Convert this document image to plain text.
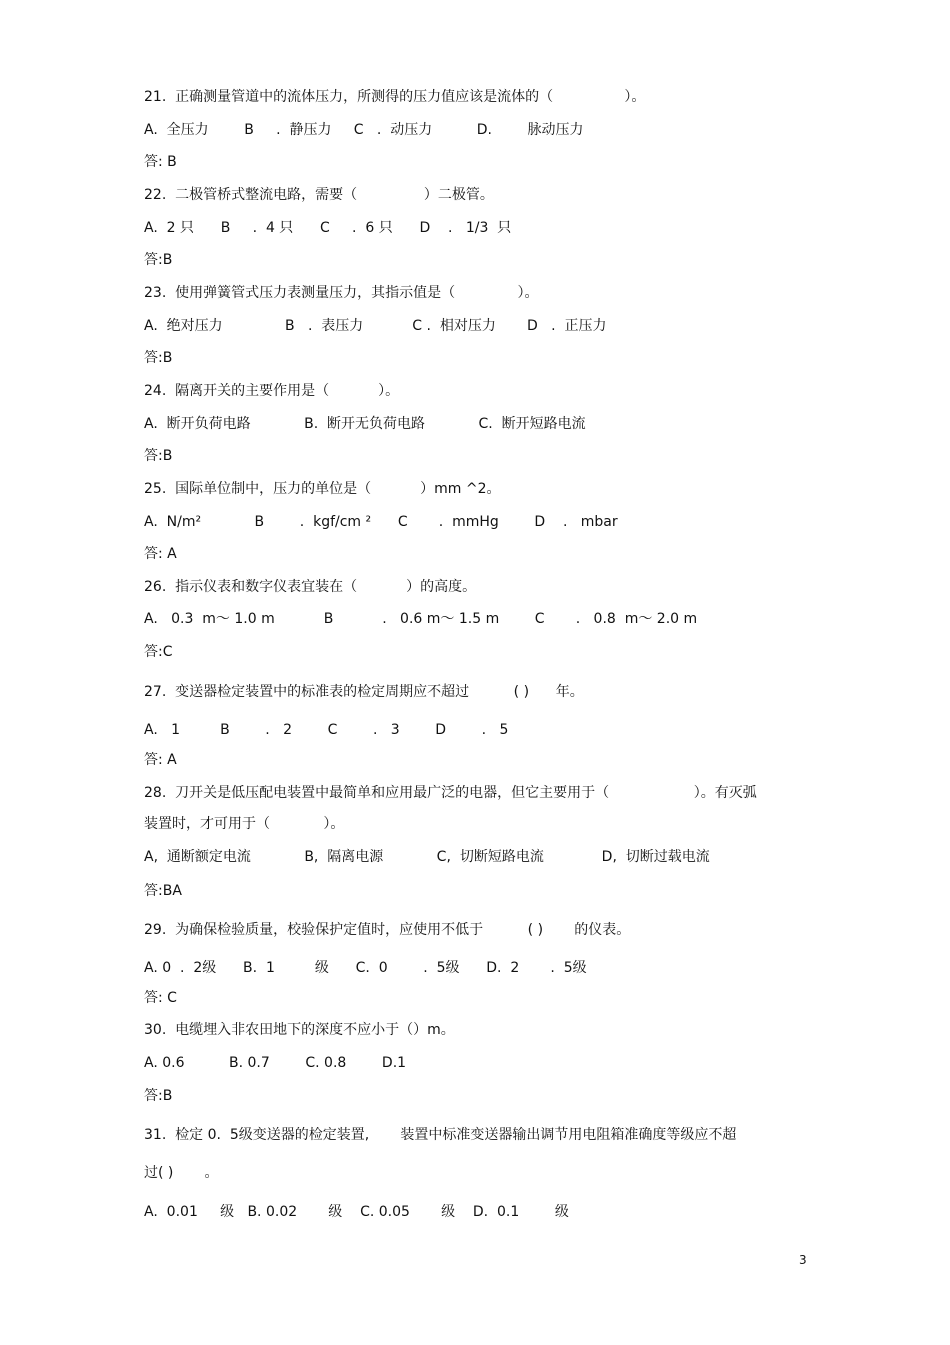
21.  正确测量管道中的流体压力，所测得的压力值应该是流体的（                ）。
A.  全压力        B     .  静压力     C   .  动压力          D.        脉动压力
答: B
22.  二极管桥式整流电路，需要（               ）二极管。
A.  2 只      B     .  4 只      C     .  6 只      D    .   1/3  只
答:B
23.  使用弹簧管式压力表测量压力，其指示值是（              ）。
A.  绝对压力              B   .  表压力           C .  相对压力       D   .  正压力
答:B
24.  隔离开关的主要作用是（           ）。
A.  断开负荷电路            B.  断开无负荷电路            C.  断开短路电流
答:B
25.  国际单位制中，压力的单位是（           ）mm ^2。
A.  N/m²            B        .  kgf/cm ²      C       .  mmHg        D    .   mbar
答: A
26.  指示仪表和数字仪表宜装在（           ）的高度。
A.   0.3  m～ 1.0 m           B           .   0.6 m～ 1.5 m        C       .   0.8  m～ 2.0 m
答:C
27.  变送器检定装置中的标准表的检定周期应不超过          ( )      年。
A.   1         B        .   2        C        .   3        D        .   5
答: A
28.  刀开关是低压配电装置中最简单和应用最广泛的电器，但它主要用于（                   ）。有灭弧
装置时，才可用于（            ）。
A,  通断额定电流            B,  隔离电源            C,  切断短路电流             D,  切断过载电流
答:BA
29.  为确保检验质量，校验保护定值时，应使用不低于          ( )       的仪表。
A. 0  .  2级      B.  1         级      C.  0        .  5级      D.  2       .  5级
答: C
30.  电缆埋入非农田地下的深度不应小于（）m。
A. 0.6          B. 0.7        C. 0.8        D.1
答:B
31.  检定 0.  5级变送器的检定装置,       装置中标准变送器输出调节用电阻箱准确度等级应不超
过( )       。
A.  0.01     级   B. 0.02       级    C. 0.05       级    D.  0.1        级
3
